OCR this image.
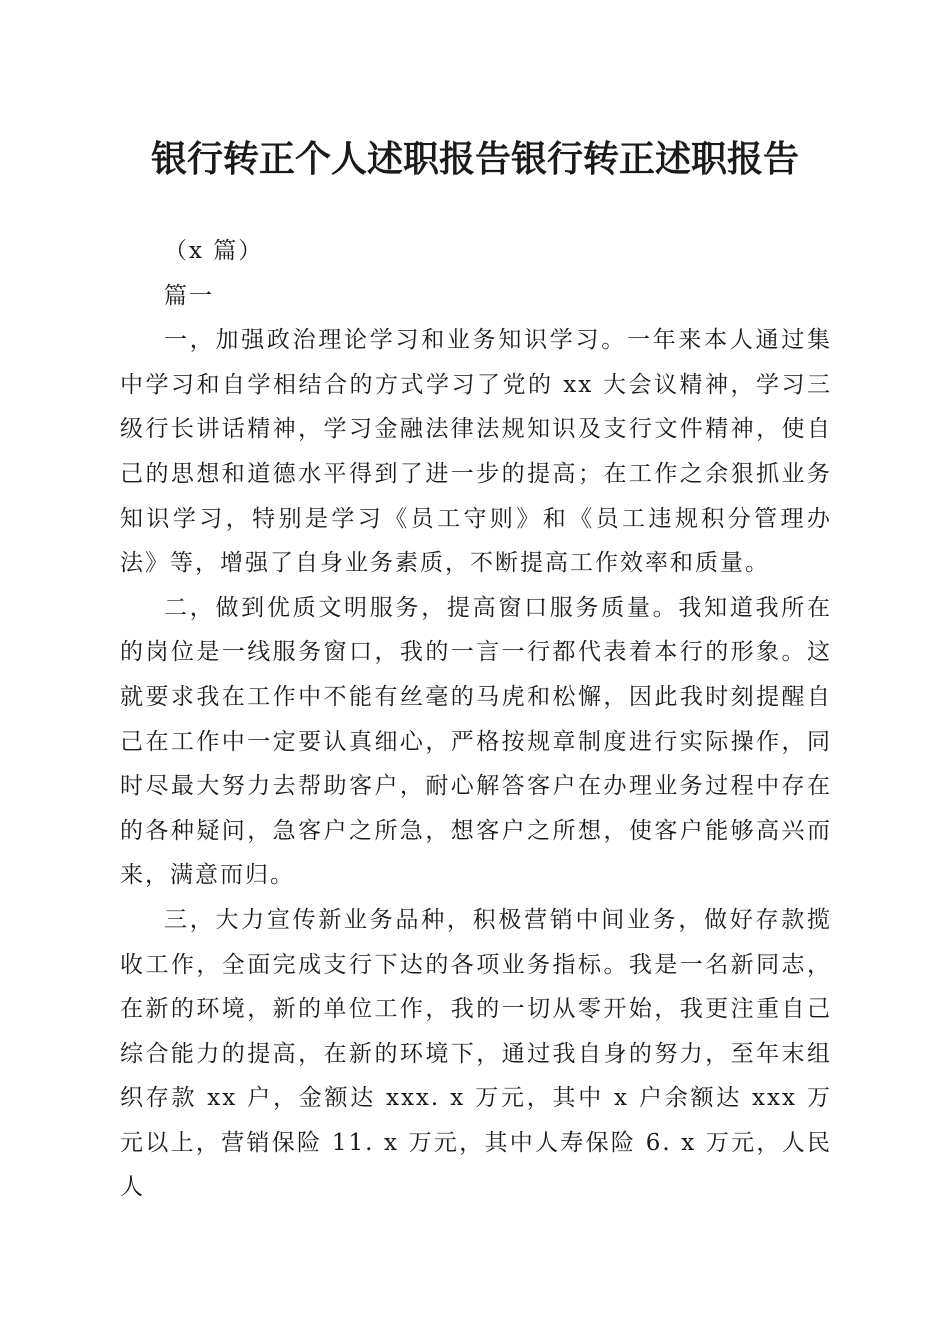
银行转正个人述职报告银行转正述职报告

（x 篇）

篇一

一，加强政治理论学习和业务知识学习。一年来本人通过集中学习和自学相结合的方式学习了党的 xx 大会议精神，学习三级行长讲话精神，学习金融法律法规知识及支行文件精神，使自己的思想和道德水平得到了进一步的提高；在工作之余狠抓业务知识学习，特别是学习《员工守则》和《员工违规积分管理办法》等，增强了自身业务素质，不断提高工作效率和质量。

二，做到优质文明服务，提高窗口服务质量。我知道我所在的岗位是一线服务窗口，我的一言一行都代表着本行的形象。这就要求我在工作中不能有丝毫的马虎和松懈，因此我时刻提醒自己在工作中一定要认真细心，严格按规章制度进行实际操作，同时尽最大努力去帮助客户，耐心解答客户在办理业务过程中存在的各种疑问，急客户之所急，想客户之所想，使客户能够高兴而来，满意而归。

三，大力宣传新业务品种，积极营销中间业务，做好存款揽收工作，全面完成支行下达的各项业务指标。我是一名新同志，在新的环境，新的单位工作，我的一切从零开始，我更注重自己综合能力的提高，在新的环境下，通过我自身的努力，至年末组织存款 xx 户，金额达 xxx. x 万元，其中 x 户余额达 xxx 万元以上，营销保险 11. x 万元，其中人寿保险 6. x 万元，人民人
